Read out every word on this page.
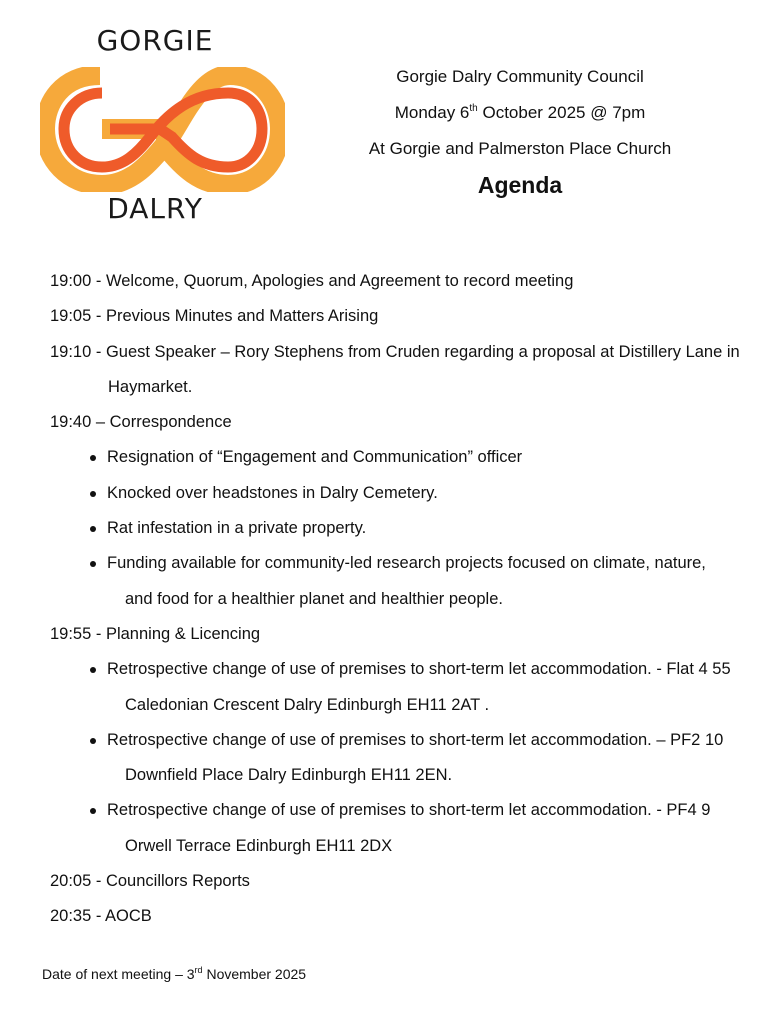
GORGIE
DALRY
Gorgie Dalry Community Council
Monday 6th October 2025 @ 7pm
At Gorgie and Palmerston Place Church
Agenda
19:00 - Welcome, Quorum, Apologies and Agreement to record meeting
19:05 - Previous Minutes and Matters Arising
19:10 - Guest Speaker – Rory Stephens from Cruden regarding a proposal at Distillery Lane in
Haymarket.
19:40 – Correspondence
Resignation of “Engagement and Communication” officer
Knocked over headstones in Dalry Cemetery.
Rat infestation in a private property.
Funding available for community-led research projects focused on climate, nature,
and food for a healthier planet and healthier people.
19:55 - Planning & Licencing
Retrospective change of use of premises to short-term let accommodation. - Flat 4 55
Caledonian Crescent Dalry Edinburgh EH11 2AT .
Retrospective change of use of premises to short-term let accommodation. – PF2 10
Downfield Place Dalry Edinburgh EH11 2EN.
Retrospective change of use of premises to short-term let accommodation. - PF4 9
Orwell Terrace Edinburgh EH11 2DX
20:05 - Councillors Reports
20:35 - AOCB
Date of next meeting – 3rd November 2025
